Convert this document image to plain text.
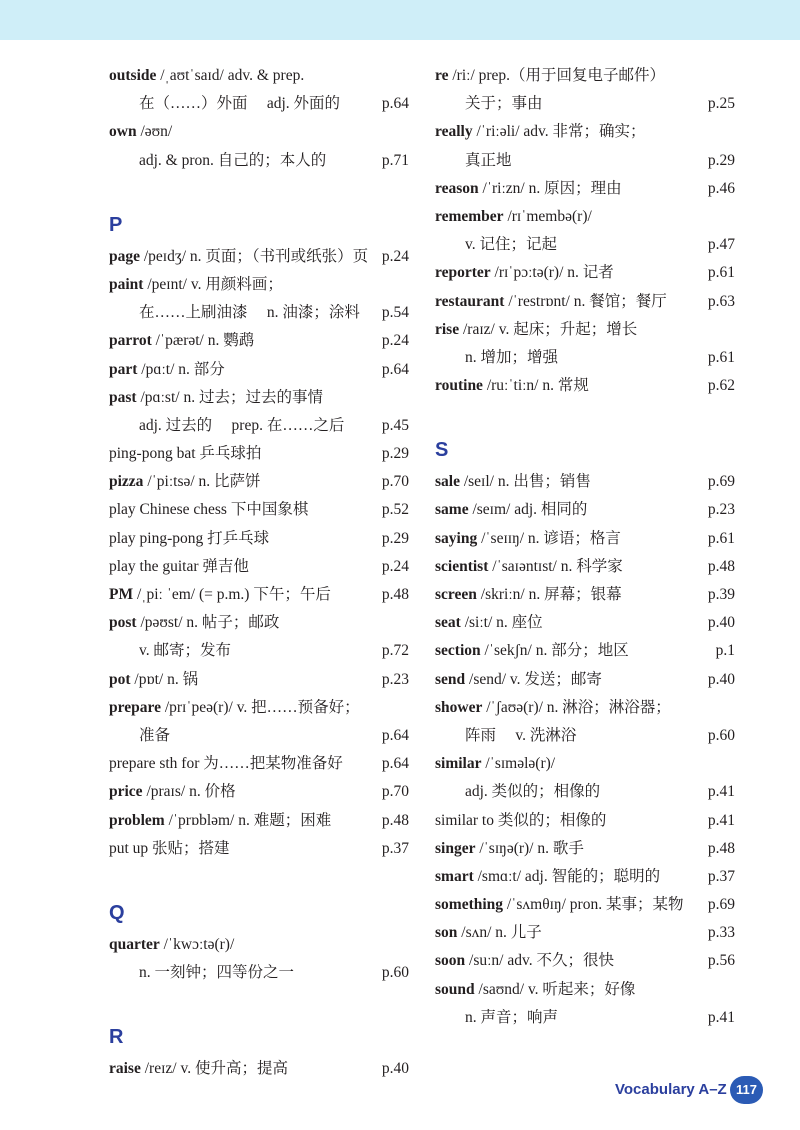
outside /ˌaʊtˈsaɪd/ adv. & prep.
在（……）外面　 adj. 外面的	p.64
own /əʊn/
adj. & pron. 自己的；本人的	p.71
P
page /peɪdʒ/ n. 页面；（书刊或纸张）页 p.24
paint /peɪnt/ v. 用颜料画；
在……上刷油漆　 n. 油漆；涂料 p.54
parrot /ˈpærət/ n. 鹦鹉	p.24
part /pɑːt/ n. 部分	p.64
past /pɑːst/ n. 过去；过去的事情
adj. 过去的　 prep. 在……之后 p.45
ping-pong bat 乒乓球拍	p.29
pizza /ˈpiːtsə/ n. 比萨饼	p.70
play Chinese chess 下中国象棋	p.52
play ping-pong 打乒乓球	p.29
play the guitar 弹吉他	p.24
PM /ˌpiː ˈem/ (= p.m.) 下午；午后	p.48
post /pəʊst/ n. 帖子；邮政
v. 邮寄；发布	p.72
pot /pɒt/ n. 锅	p.23
prepare /prɪˈpeə(r)/ v. 把……预备好；
准备	p.64
prepare sth for 为……把某物准备好	p.64
price /praɪs/ n. 价格	p.70
problem /ˈprɒbləm/ n. 难题；困难	p.48
put up 张贴；搭建	p.37
Q
quarter /ˈkwɔːtə(r)/
n. 一刻钟；四等份之一	p.60
R
raise /reɪz/ v. 使升高；提高	p.40
re /riː/ prep.（用于回复电子邮件）
关于；事由	p.25
really /ˈriːəli/ adv. 非常；确实；
真正地	p.29
reason /ˈriːzn/ n. 原因；理由	p.46
remember /rɪˈmembə(r)/
v. 记住；记起	p.47
reporter /rɪˈpɔːtə(r)/ n. 记者	p.61
restaurant /ˈrestrɒnt/ n. 餐馆；餐厅	p.63
rise /raɪz/ v. 起床；升起；增长
n. 增加；增强	p.61
routine /ruːˈtiːn/ n. 常规	p.62
S
sale /seɪl/ n. 出售；销售	p.69
same /seɪm/ adj. 相同的	p.23
saying /ˈseɪɪŋ/ n. 谚语；格言	p.61
scientist /ˈsaɪəntɪst/ n. 科学家	p.48
screen /skriːn/ n. 屏幕；银幕	p.39
seat /siːt/ n. 座位	p.40
section /ˈsekʃn/ n. 部分；地区	p.1
send /send/ v. 发送；邮寄	p.40
shower /ˈʃaʊə(r)/ n. 淋浴；淋浴器；
阵雨　 v. 洗淋浴	p.60
similar /ˈsɪmələ(r)/
adj. 类似的；相像的	p.41
similar to 类似的；相像的	p.41
singer /ˈsɪŋə(r)/ n. 歌手	p.48
smart /smɑːt/ adj. 智能的；聪明的	p.37
something /ˈsʌmθɪŋ/ pron. 某事；某物 p.69
son /sʌn/ n. 儿子	p.33
soon /suːn/ adv. 不久；很快	p.56
sound /saʊnd/ v. 听起来；好像
n. 声音；响声	p.41
Vocabulary A–Z 117
